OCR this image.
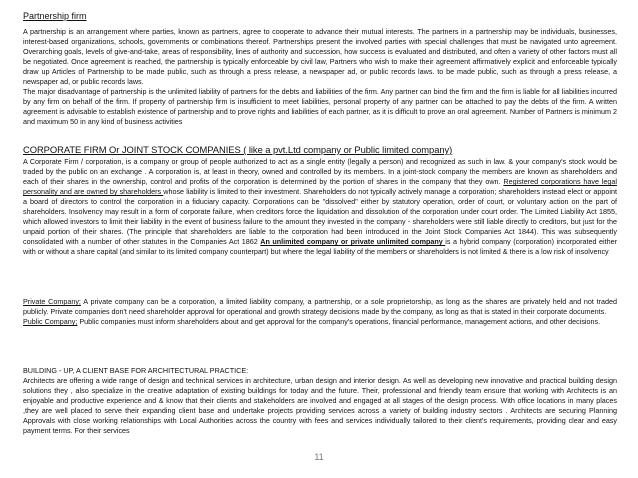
Partnership firm

A partnership is an arrangement where parties, known as partners, agree to cooperate to advance their mutual interests. The partners in a partnership may be individuals, businesses, interest-based organizations, schools, governments or combinations thereof. Partnerships present the involved parties with special challenges that must be navigated unto agreement. Overarching goals, levels of give-and-take, areas of responsibility, lines of authority and succession, how success is evaluated and distributed, and often a variety of other factors must all be negotiated. Once agreement is reached, the partnership is typically enforceable by civil law, Partners who wish to make their agreement affirmatively explicit and enforceable typically draw up Articles of Partnership to be made public, such as through a press release, a newspaper ad, or public records laws. to be made public, such as through a press release, a newspaper ad, or public records laws.

The major disadvantage of partnership is the unlimited liability of partners for the debts and liabilities of the firm. Any partner can bind the firm and the firm is liable for all liabilities incurred by any firm on behalf of the firm. If property of partnership firm is insufficient to meet liabilities, personal property of any partner can be attached to pay the debts of the firm. A written agreement is advisable to establish existence of partnership and to prove rights and liabilities of each partner, as it is difficult to prove an oral agreement. Number of Partners is minimum 2 and maximum 50 in any kind of business activities

CORPORATE FIRM Or JOINT STOCK COMPANIES ( like a pvt.Ltd company or Public limited company)

A Corporate Firm / corporation, is a company or group of people authorized to act as a single entity (legally a person) and recognized as such in law. & your company's stock would be traded by the public on an exchange . A corporation is, at least in theory, owned and controlled by its members. In a joint-stock company the members are known as shareholders and each of their shares in the ownership, control and profits of the corporation is determined by the portion of shares in the company that they own. Registered corporations have legal personality and are owned by shareholders whose liability is limited to their investment. Shareholders do not typically actively manage a corporation; shareholders instead elect or appoint a board of directors to control the corporation in a fiduciary capacity. Corporations can be "dissolved" either by statutory operation, order of court, or voluntary action on the part of shareholders. Insolvency may result in a form of corporate failure, when creditors force the liquidation and dissolution of the corporation under court order. The Limited Liability Act 1855, which allowed investors to limit their liability in the event of business failure to the amount they invested in the company - shareholders were still liable directly to creditors, but just for the unpaid portion of their shares. (The principle that shareholders are liable to the corporation had been introduced in the Joint Stock Companies Act 1844). This was subsequently consolidated with a number of other statutes in the Companies Act 1862 An unlimited company or private unlimited company is a hybrid company (corporation) incorporated either with or without a share capital (and similar to its limited company counterpart) but where the legal liability of the members or shareholders is not limited & there is a low risk of insolvency

Private Company; A private company can be a corporation, a limited liability company, a partnership, or a sole proprietorship, as long as the shares are privately held and not traded publicly. Private companies don't need shareholder approval for operational and growth strategy decisions made by the company, as long as that is stated in their corporate documents.

Public Company; Public companies must inform shareholders about and get approval for the company's operations, financial performance, management actions, and other decisions.

BUILDING - UP, A CLIENT BASE FOR ARCHITECTURAL PRACTICE:

Architects are offering a wide range of design and technical services in architecture, urban design and interior design. As well as developing new innovative and practical building design solutions they , also specialize in the creative adaptation of existing buildings for today and the future. Their, professional and friendly team ensure that working with Architects is an enjoyable and productive experience and & know that their clients and stakeholders are involved and engaged at all stages of the design process. With office locations in many places ,they are well placed to serve their expanding client base and undertake projects providing services across a variety of building industry sectors . Architects are securing Planning Approvals with close working relationships with Local Authorities across the country with fees and services individually tailored to their client's requirements, providing clear and easy payment terms. For their services

11
